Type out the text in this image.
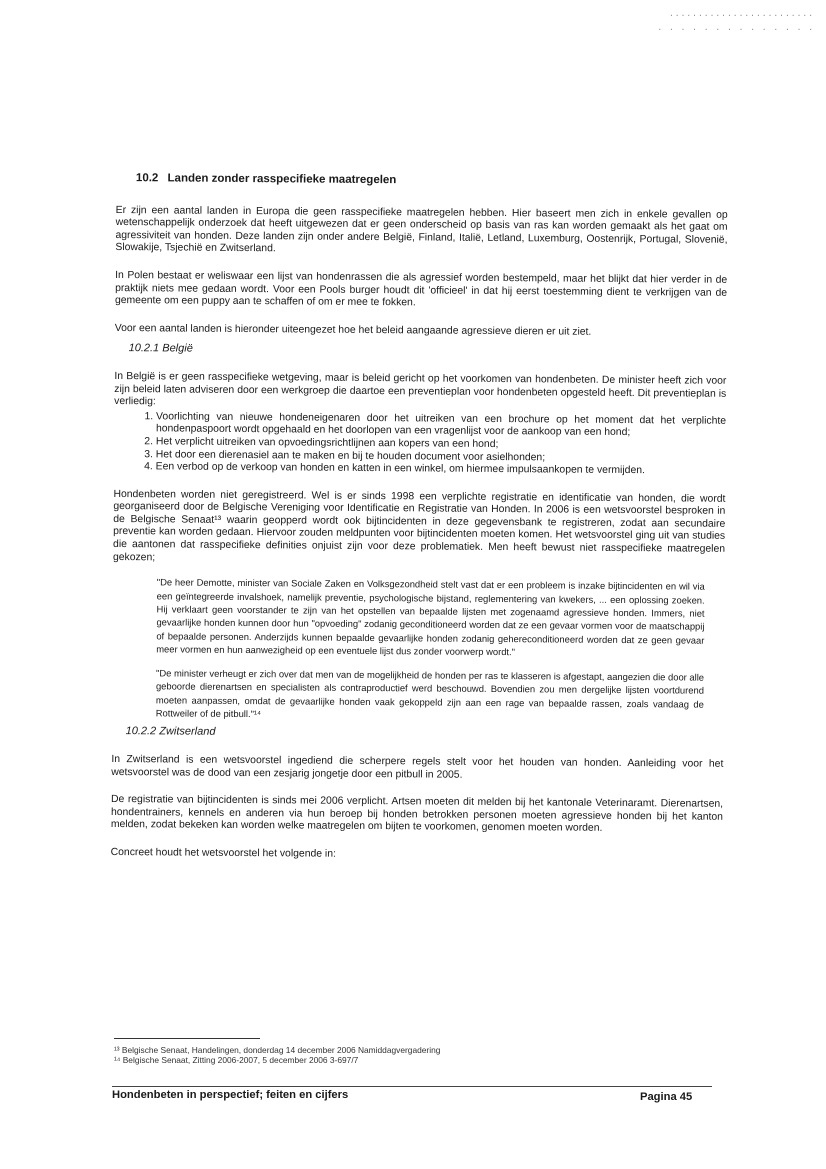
.........................
. . . . . . . . . . . . . .
10.2 Landen zonder rasspecifieke maatregelen

Er zijn een aantal landen in Europa die geen rasspecifieke maatregelen hebben. Hier baseert men zich in enkele gevallen op wetenschappelijk onderzoek dat heeft uitgewezen dat er geen onderscheid op basis van ras kan worden gemaakt als het gaat om agressiviteit van honden. Deze landen zijn onder andere België, Finland, Italië, Letland, Luxemburg, Oostenrijk, Portugal, Slovenië, Slowakije, Tsjechië en Zwitserland.

In Polen bestaat er weliswaar een lijst van hondenrassen die als agressief worden bestempeld, maar het blijkt dat hier verder in de praktijk niets mee gedaan wordt. Voor een Pools burger houdt dit 'officieel' in dat hij eerst toestemming dient te verkrijgen van de gemeente om een puppy aan te schaffen of om er mee te fokken.

Voor een aantal landen is hieronder uiteengezet hoe het beleid aangaande agressieve dieren er uit ziet.

10.2.1 België

In België is er geen rasspecifieke wetgeving, maar is beleid gericht op het voorkomen van hondenbeten. De minister heeft zich voor zijn beleid laten adviseren door een werkgroep die daartoe een preventieplan voor hondenbeten opgesteld heeft. Dit preventieplan is verliedig:

1. Voorlichting van nieuwe hondeneigenaren door het uitreiken van een brochure op het moment dat het verplichte hondenpaspoort wordt opgehaald en het doorlopen van een vragenlijst voor de aankoop van een hond;
2. Het verplicht uitreiken van opvoedingsrichtlijnen aan kopers van een hond;
3. Het door een dierenasiel aan te maken en bij te houden document voor asielhonden;
4. Een verbod op de verkoop van honden en katten in een winkel, om hiermee impulsaankopen te vermijden.

Hondenbeten worden niet geregistreerd. Wel is er sinds 1998 een verplichte registratie en identificatie van honden, die wordt georganiseerd door de Belgische Vereniging voor Identificatie en Registratie van Honden. In 2006 is een wetsvoorstel besproken in de Belgische Senaat¹³ waarin geopperd wordt ook bijtincidenten in deze gegevensbank te registreren, zodat aan secundaire preventie kan worden gedaan. Hiervoor zouden meldpunten voor bijtincidenten moeten komen. Het wetsvoorstel ging uit van studies die aantonen dat rasspecifieke definities onjuist zijn voor deze problematiek. Men heeft bewust niet rasspecifieke maatregelen gekozen;

"De heer Demotte, minister van Sociale Zaken en Volksgezondheid stelt vast dat er een probleem is inzake bijtincidenten en wil via een geïntegreerde invalshoek, namelijk preventie, psychologische bijstand, reglementering van kwekers, ... een oplossing zoeken. Hij verklaart geen voorstander te zijn van het opstellen van bepaalde lijsten met zogenaamd agressieve honden. Immers, niet gevaarlijke honden kunnen door hun "opvoeding" zodanig geconditioneerd worden dat ze een gevaar vormen voor de maatschappij of bepaalde personen. Anderzijds kunnen bepaalde gevaarlijke honden zodanig gehereconditioneerd worden dat ze geen gevaar meer vormen en hun aanwezigheid op een eventuele lijst dus zonder voorwerp wordt."
"De minister verheugt er zich over dat men van de mogelijkheid de honden per ras te klasseren is afgestapt, aangezien die door alle geboorde dierenartsen en specialisten als contraproductief werd beschouwd. Bovendien zou men dergelijke lijsten voortdurend moeten aanpassen, omdat de gevaarlijke honden vaak gekoppeld zijn aan een rage van bepaalde rassen, zoals vandaag de Rottweiler of de pitbull."¹⁴
10.2.2 Zwitserland

In Zwitserland is een wetsvoorstel ingediend die scherpere regels stelt voor het houden van honden. Aanleiding voor het wetsvoorstel was de dood van een zesjarig jongetje door een pitbull in 2005.

De registratie van bijtincidenten is sinds mei 2006 verplicht. Artsen moeten dit melden bij het kantonale Veterinaramt. Dierenartsen, hondentrainers, kennels en anderen via hun beroep bij honden betrokken personen moeten agressieve honden bij het kanton melden, zodat bekeken kan worden welke maatregelen om bijten te voorkomen, genomen moeten worden.

Concreet houdt het wetsvoorstel het volgende in:

¹³ Belgische Senaat, Handelingen, donderdag 14 december 2006 Namiddagvergadering
¹⁴ Belgische Senaat, Zitting 2006-2007, 5 december 2006 3-697/7
Hondenbeten in perspectief; feiten en cijfers	Pagina 45
